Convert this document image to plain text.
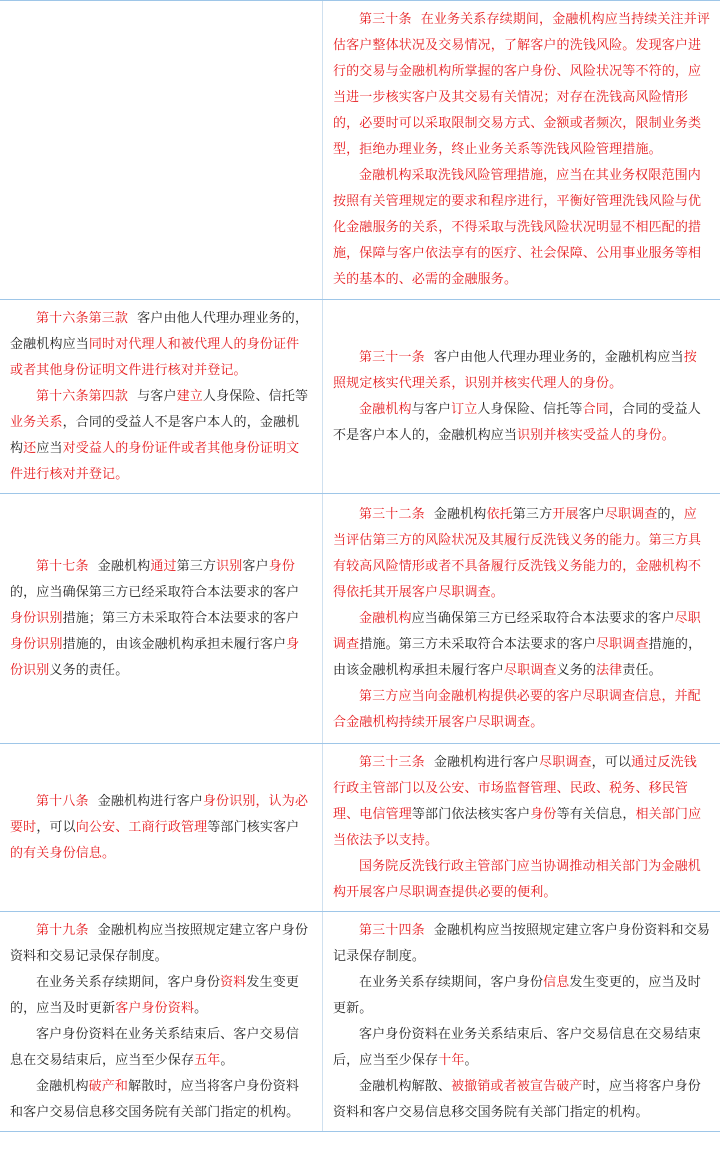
第三十条 在业务关系存续期间，金融机构应当持续关注并评估客户整体状况及交易情况，了解客户的洗钱风险。发现客户进行的交易与金融机构所掌握的客户身份、风险状况等不符的，应当进一步核实客户及其交易有关情况；对存在洗钱高风险情形的，必要时可以采取限制交易方式、金额或者频次，限制业务类型，拒绝办理业务，终止业务关系等洗钱风险管理措施。

金融机构采取洗钱风险管理措施，应当在其业务权限范围内按照有关管理规定的要求和程序进行，平衡好管理洗钱风险与优化金融服务的关系，不得采取与洗钱风险状况明显不相匹配的措施，保障与客户依法享有的医疗、社会保障、公用事业服务等相关的基本的、必需的金融服务。

第十六条第三款 客户由他人代理办理业务的，金融机构应当同时对代理人和被代理人的身份证件或者其他身份证明文件进行核对并登记。

第十六条第四款 与客户建立人身保险、信托等业务关系，合同的受益人不是客户本人的，金融机构还应当对受益人的身份证件或者其他身份证明文件进行核对并登记。

第三十一条 客户由他人代理办理业务的，金融机构应当按照规定核实代理关系，识别并核实代理人的身份。

金融机构与客户订立人身保险、信托等合同，合同的受益人不是客户本人的，金融机构应当识别并核实受益人的身份。

第十七条 金融机构通过第三方识别客户身份的，应当确保第三方已经采取符合本法要求的客户身份识别措施；第三方未采取符合本法要求的客户身份识别措施的，由该金融机构承担未履行客户身份识别义务的责任。

第三十二条 金融机构依托第三方开展客户尽职调查的，应当评估第三方的风险状况及其履行反洗钱义务的能力。第三方具有较高风险情形或者不具备履行反洗钱义务能力的，金融机构不得依托其开展客户尽职调查。

金融机构应当确保第三方已经采取符合本法要求的客户尽职调查措施。第三方未采取符合本法要求的客户尽职调查措施的，由该金融机构承担未履行客户尽职调查义务的法律责任。

第三方应当向金融机构提供必要的客户尽职调查信息，并配合金融机构持续开展客户尽职调查。

第十八条 金融机构进行客户身份识别，认为必要时，可以向公安、工商行政管理等部门核实客户的有关身份信息。

第三十三条 金融机构进行客户尽职调查，可以通过反洗钱行政主管部门以及公安、市场监督管理、民政、税务、移民管理、电信管理等部门依法核实客户身份等有关信息，相关部门应当依法予以支持。

国务院反洗钱行政主管部门应当协调推动相关部门为金融机构开展客户尽职调查提供必要的便利。

第十九条 金融机构应当按照规定建立客户身份资料和交易记录保存制度。

在业务关系存续期间，客户身份资料发生变更的，应当及时更新客户身份资料。

客户身份资料在业务关系结束后、客户交易信息在交易结束后，应当至少保存五年。

金融机构破产和解散时，应当将客户身份资料和客户交易信息移交国务院有关部门指定的机构。

第三十四条 金融机构应当按照规定建立客户身份资料和交易记录保存制度。

在业务关系存续期间，客户身份信息发生变更的，应当及时更新。

客户身份资料在业务关系结束后、客户交易信息在交易结束后，应当至少保存十年。

金融机构解散、被撤销或者被宣告破产时，应当将客户身份资料和客户交易信息移交国务院有关部门指定的机构。
